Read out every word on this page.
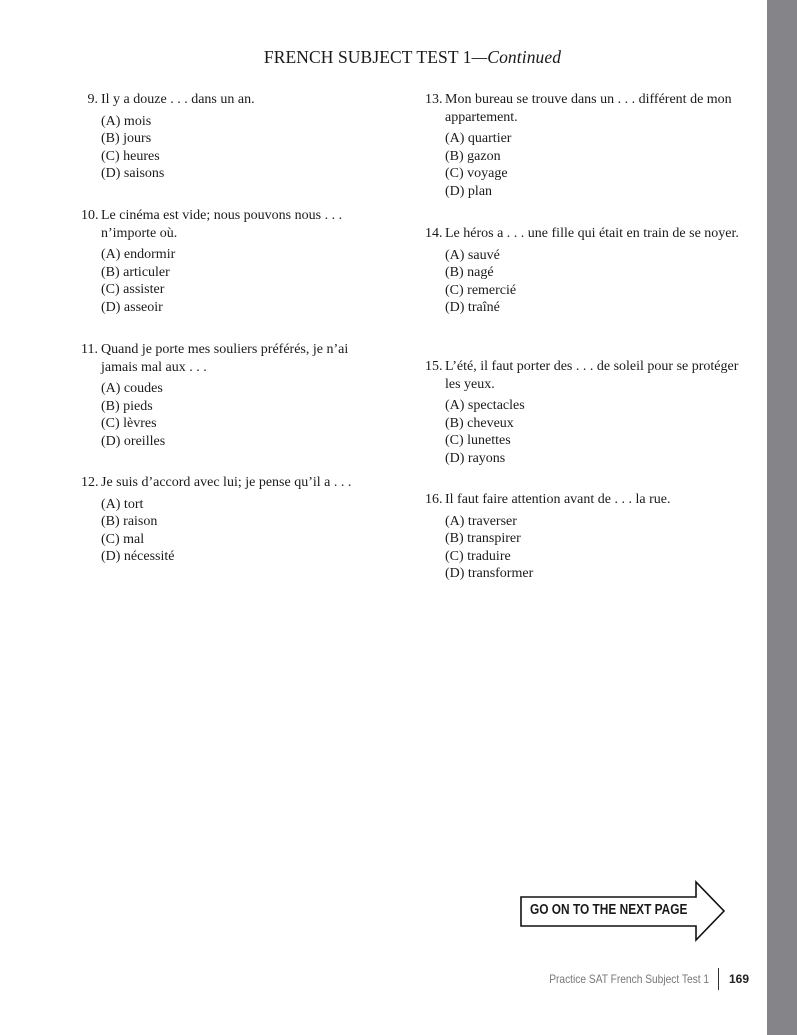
FRENCH SUBJECT TEST 1—Continued
9. Il y a douze . . . dans un an.
(A) mois
(B) jours
(C) heures
(D) saisons
10. Le cinéma est vide; nous pouvons nous . . . n’importe où.
(A) endormir
(B) articuler
(C) assister
(D) asseoir
11. Quand je porte mes souliers préférés, je n’ai jamais mal aux . . .
(A) coudes
(B) pieds
(C) lèvres
(D) oreilles
12. Je suis d’accord avec lui; je pense qu’il a . . .
(A) tort
(B) raison
(C) mal
(D) nécessité
13. Mon bureau se trouve dans un . . . différent de mon appartement.
(A) quartier
(B) gazon
(C) voyage
(D) plan
14. Le héros a . . . une fille qui était en train de se noyer.
(A) sauvé
(B) nagé
(C) remercié
(D) traîné
15. L’été, il faut porter des . . . de soleil pour se protéger les yeux.
(A) spectacles
(B) cheveux
(C) lunettes
(D) rayons
16. Il faut faire attention avant de . . . la rue.
(A) traverser
(B) transpirer
(C) traduire
(D) transformer
GO ON TO THE NEXT PAGE
Practice SAT French Subject Test 1 169
